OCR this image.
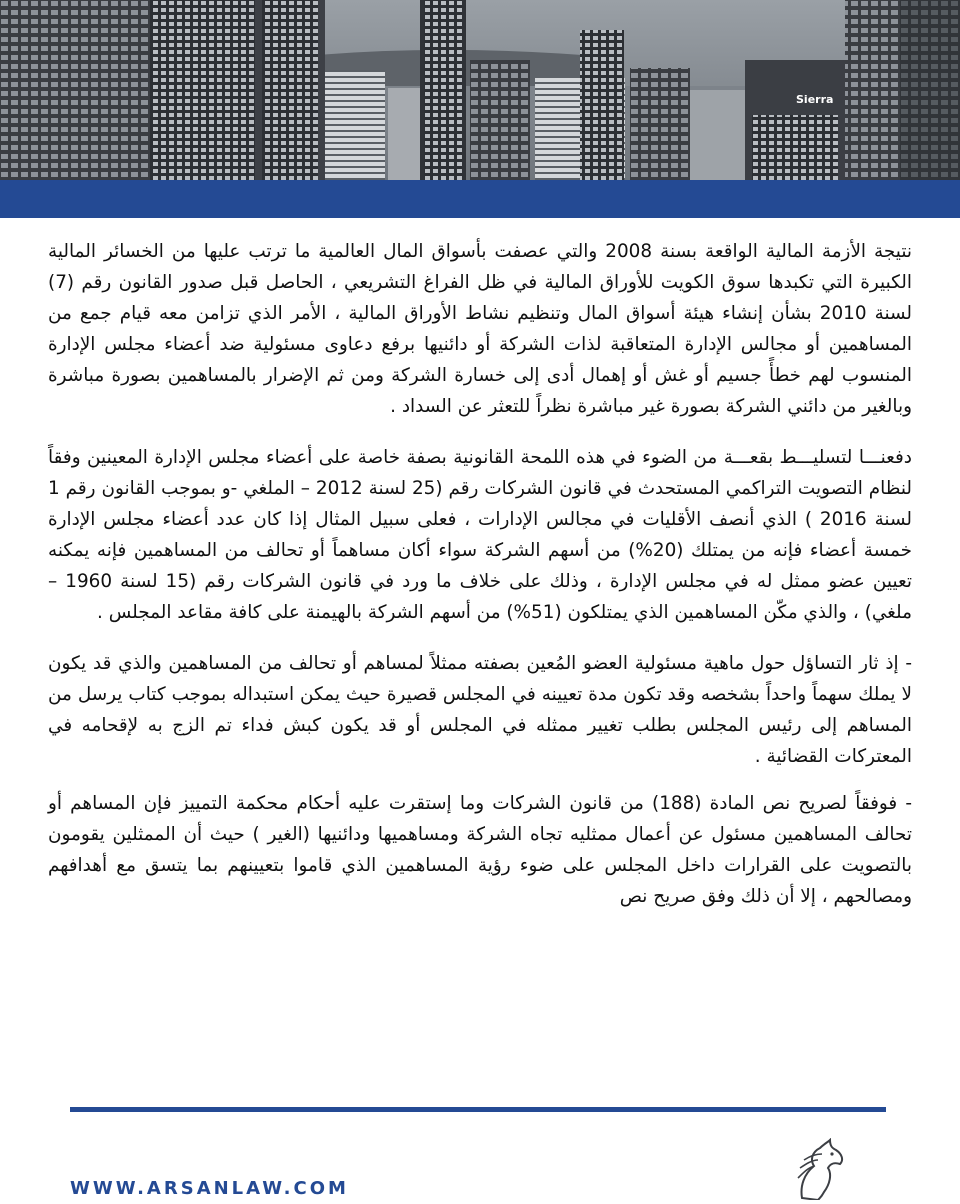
Sierra

نتيجة الأزمة المالية الواقعة بسنة 2008 والتي عصفت بأسواق المال العالمية ما ترتب عليها من الخسائر المالية الكبيرة التي تكبدها سوق الكويت للأوراق المالية في ظل الفراغ التشريعي ، الحاصل قبل صدور القانون رقم (7) لسنة 2010 بشأن إنشاء هيئة أسواق المال وتنظيم نشاط الأوراق المالية ، الأمر الذي تزامن معه قيام جمع من المساهمين أو مجالس الإدارة المتعاقبة لذات الشركة أو دائنيها برفع دعاوى مسئولية ضد أعضاء مجلس الإدارة المنسوب لهم خطأً جسيم أو غش أو إهمال أدى إلى خسارة الشركة ومن ثم الإضرار بالمساهمين بصورة مباشرة وبالغير من دائني الشركة بصورة غير مباشرة نظراً للتعثر عن السداد .

دفعنـــا لتسليـــط بقعـــة من الضوء في هذه اللمحة القانونية بصفة خاصة على أعضاء مجلس الإدارة المعينين وفقاً لنظام التصويت التراكمي المستحدث في قانون الشركات رقم (25 لسنة 2012 – الملغي -و بموجب القانون رقم 1 لسنة 2016 ) الذي أنصف الأقليات في مجالس الإدارات ، فعلى سبيل المثال إذا كان عدد أعضاء مجلس الإدارة خمسة أعضاء فإنه من يمتلك (20%) من أسهم الشركة سواء أكان مساهماً أو تحالف من المساهمين فإنه يمكنه تعيين عضو ممثل له في مجلس الإدارة ، وذلك على خلاف ما ورد في قانون الشركات رقم (15 لسنة 1960 – ملغي) ، والذي مكّن المساهمين الذي يمتلكون (51%) من أسهم الشركة بالهيمنة على كافة مقاعد المجلس .

- إذ ثار التساؤل حول ماهية مسئولية العضو المُعين بصفته ممثلاً لمساهم أو تحالف من المساهمين والذي قد يكون لا يملك سهماً واحداً بشخصه وقد تكون مدة تعيينه في المجلس قصيرة حيث يمكن استبداله بموجب كتاب يرسل من المساهم إلى رئيس المجلس بطلب تغيير ممثله في المجلس أو قد يكون كبش فداء تم الزج به لإقحامه في المعتركات القضائية .

- فوفقاً لصريح نص المادة (188) من قانون الشركات وما إستقرت عليه أحكام محكمة التمييز فإن المساهم أو تحالف المساهمين مسئول عن أعمال ممثليه تجاه الشركة ومساهميها ودائنيها (الغير ) حيث أن الممثلين يقومون بالتصويت على القرارات داخل المجلس على ضوء رؤية المساهمين الذي قاموا بتعيينهم بما يتسق مع أهدافهم ومصالحهم ، إلا أن ذلك وفق صريح نص

WWW.ARSANLAW.COM
